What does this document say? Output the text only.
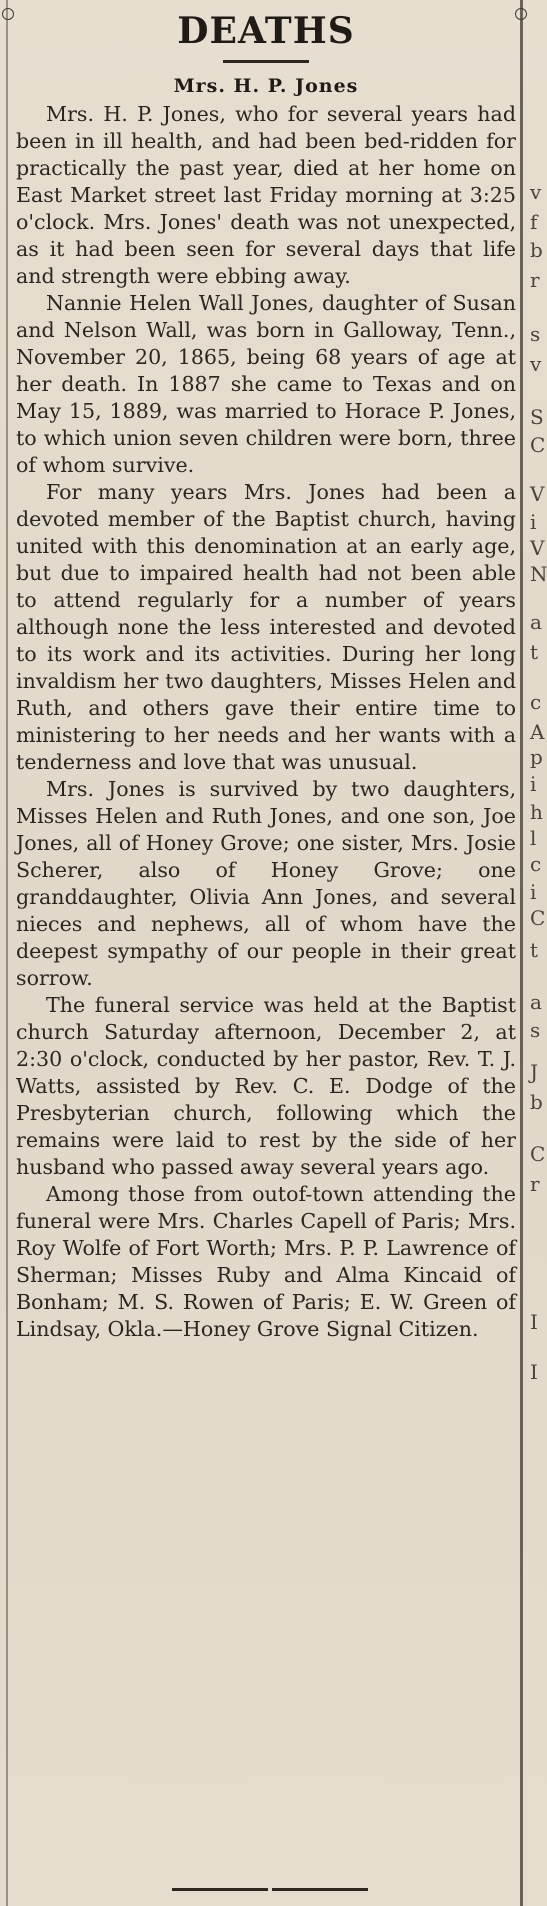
DEATHS
Mrs. H. P. Jones

Mrs. H. P. Jones, who for several years had been in ill health, and had been bed-ridden for practically the past year, died at her home on East Market street last Friday morning at 3:25 o'clock. Mrs. Jones' death was not unexpected, as it had been seen for several days that life and strength were ebbing away.

Nannie Helen Wall Jones, daughter of Susan and Nelson Wall, was born in Galloway, Tenn., November 20, 1865, being 68 years of age at her death. In 1887 she came to Texas and on May 15, 1889, was married to Horace P. Jones, to which union seven children were born, three of whom survive.

For many years Mrs. Jones had been a devoted member of the Baptist church, having united with this denomination at an early age, but due to impaired health had not been able to attend regularly for a number of years although none the less interested and devoted to its work and its activities. During her long invaldism her two daughters, Misses Helen and Ruth, and others gave their entire time to ministering to her needs and her wants with a tenderness and love that was unusual.

Mrs. Jones is survived by two daughters, Misses Helen and Ruth Jones, and one son, Joe Jones, all of Honey Grove; one sister, Mrs. Josie Scherer, also of Honey Grove; one granddaughter, Olivia Ann Jones, and several nieces and nephews, all of whom have the deepest sympathy of our people in their great sorrow.

The funeral service was held at the Baptist church Saturday afternoon, December 2, at 2:30 o'clock, conducted by her pastor, Rev. T. J. Watts, assisted by Rev. C. E. Dodge of the Presbyterian church, following which the remains were laid to rest by the side of her husband who passed away several years ago.

Among those from outof-town attending the funeral were Mrs. Charles Capell of Paris; Mrs. Roy Wolfe of Fort Worth; Mrs. P. P. Lawrence of Sherman; Misses Ruby and Alma Kincaid of Bonham; M. S. Rowen of Paris; E. W. Green of Lindsay, Okla.—Honey Grove Signal Citizen.

v
f
b
r
s
v
S
C
V
i
V
N
a
t
c
A
p
i
h
l
c
i
C
t
a
s
J
b
C
r
I
I
